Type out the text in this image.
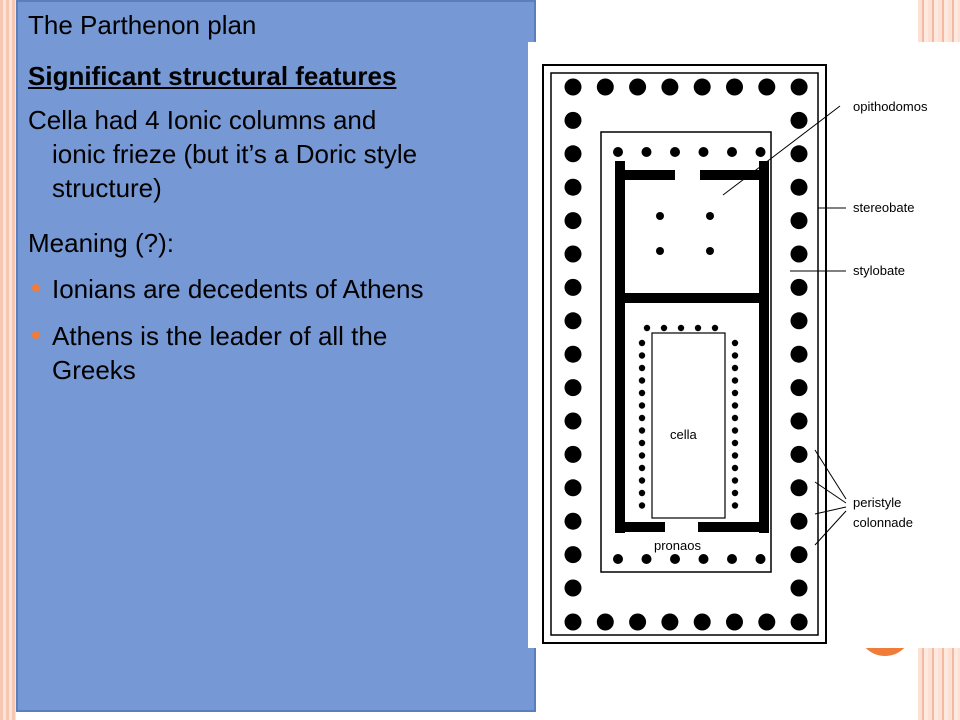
The Parthenon plan

Significant structural features

Cella had 4 Ionic columns and
ionic frieze (but it’s a Doric style
structure)

Meaning (?):

Ionians are decedents of Athens

Athens is the leader of all the
Greeks

opithodomos
stereobate
stylobate
peristyle
colonnade
cella
pronaos
